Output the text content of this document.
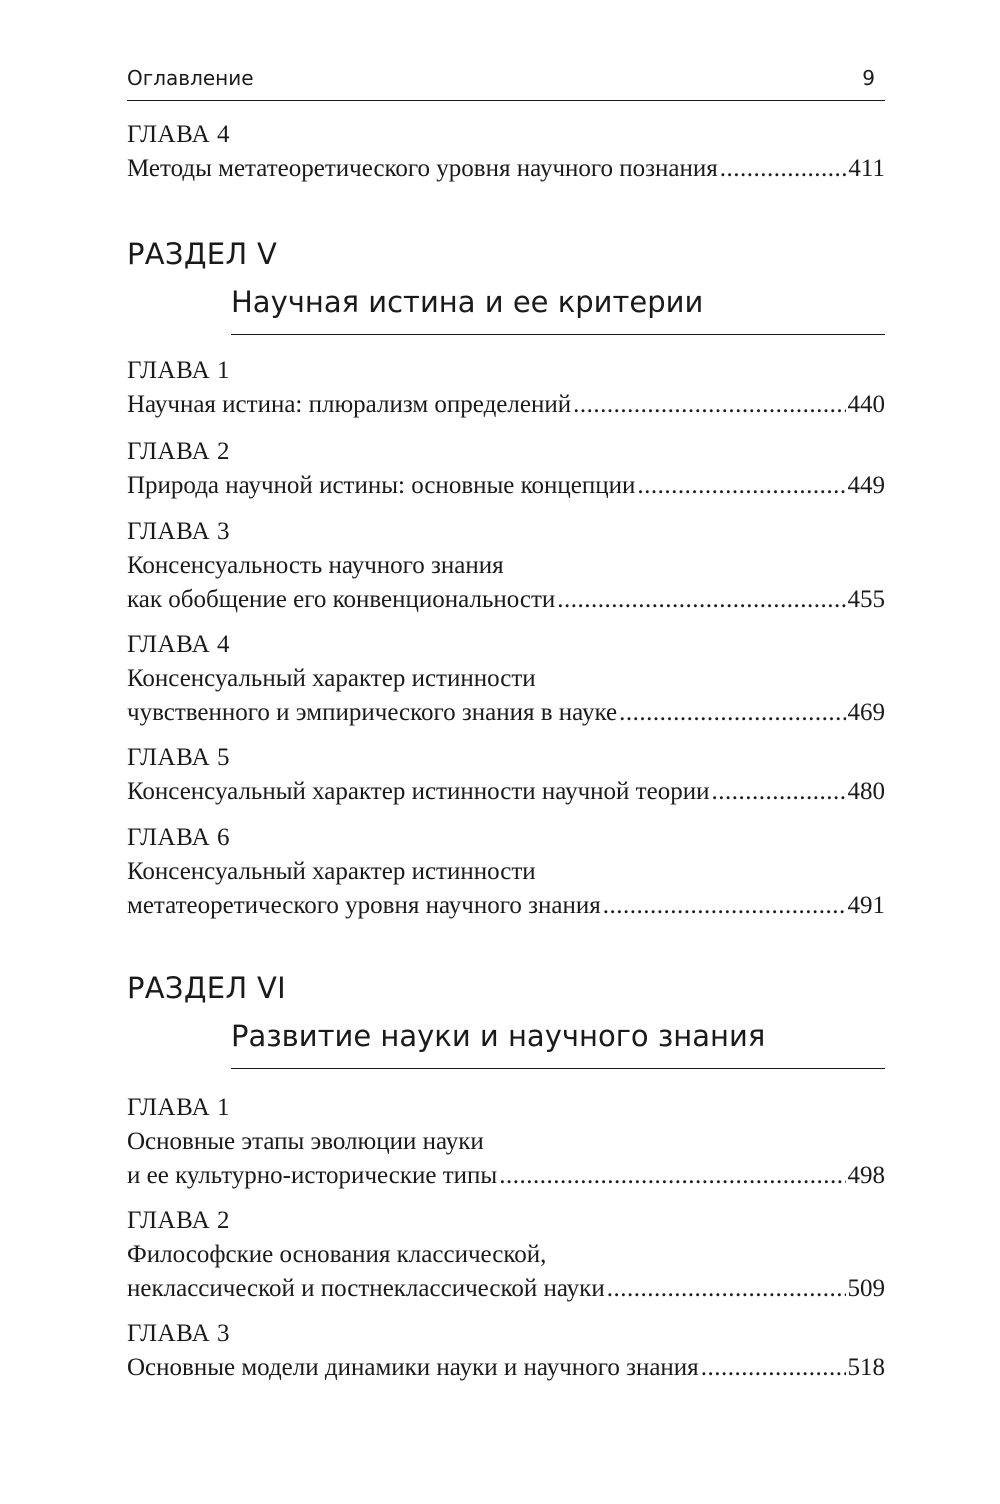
Оглавление	9
ГЛАВА 4
Методы метатеоретического уровня научного познания .....	411
РАЗДЕЛ V
Научная истина и ее критерии
ГЛАВА 1
Научная истина: плюрализм определений .....	440
ГЛАВА 2
Природа научной истины: основные концепции .....	449
ГЛАВА 3
Консенсуальность научного знания
как обобщение его конвенциональности .....	455
ГЛАВА 4
Консенсуальный характер истинности
чувственного и эмпирического знания в науке .....	469
ГЛАВА 5
Консенсуальный характер истинности научной теории .....	480
ГЛАВА 6
Консенсуальный характер истинности
метатеоретического уровня научного знания .....	491
РАЗДЕЛ VI
Развитие науки и научного знания
ГЛАВА 1
Основные этапы эволюции науки
и ее культурно-исторические типы .....	498
ГЛАВА 2
Философские основания классической,
неклассической и постнеклассической науки .....	509
ГЛАВА 3
Основные модели динамики науки и научного знания .....	518
